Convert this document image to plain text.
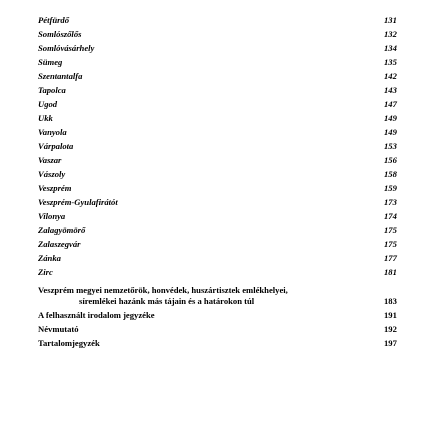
Pétfürdő	131
Somlószőlős	132
Somlóvásárhely	134
Sümeg	135
Szentantalfa	142
Tapolca	143
Ugod	147
Ukk	149
Vanyola	149
Várpalota	153
Vaszar	156
Vászoly	158
Veszprém	159
Veszprém-Gyulafirátót	173
Vilonya	174
Zalagyömörő	175
Zalaszegvár	175
Zánka	177
Zirc	181
Veszprém megyei nemzetőrök, honvédek, huszártisztek emlékhelyei,
síremlékei hazánk más tájain és a határokon túl	183
A felhasznált irodalom jegyzéke	191
Névmutató	192
Tartalomjegyzék	197
